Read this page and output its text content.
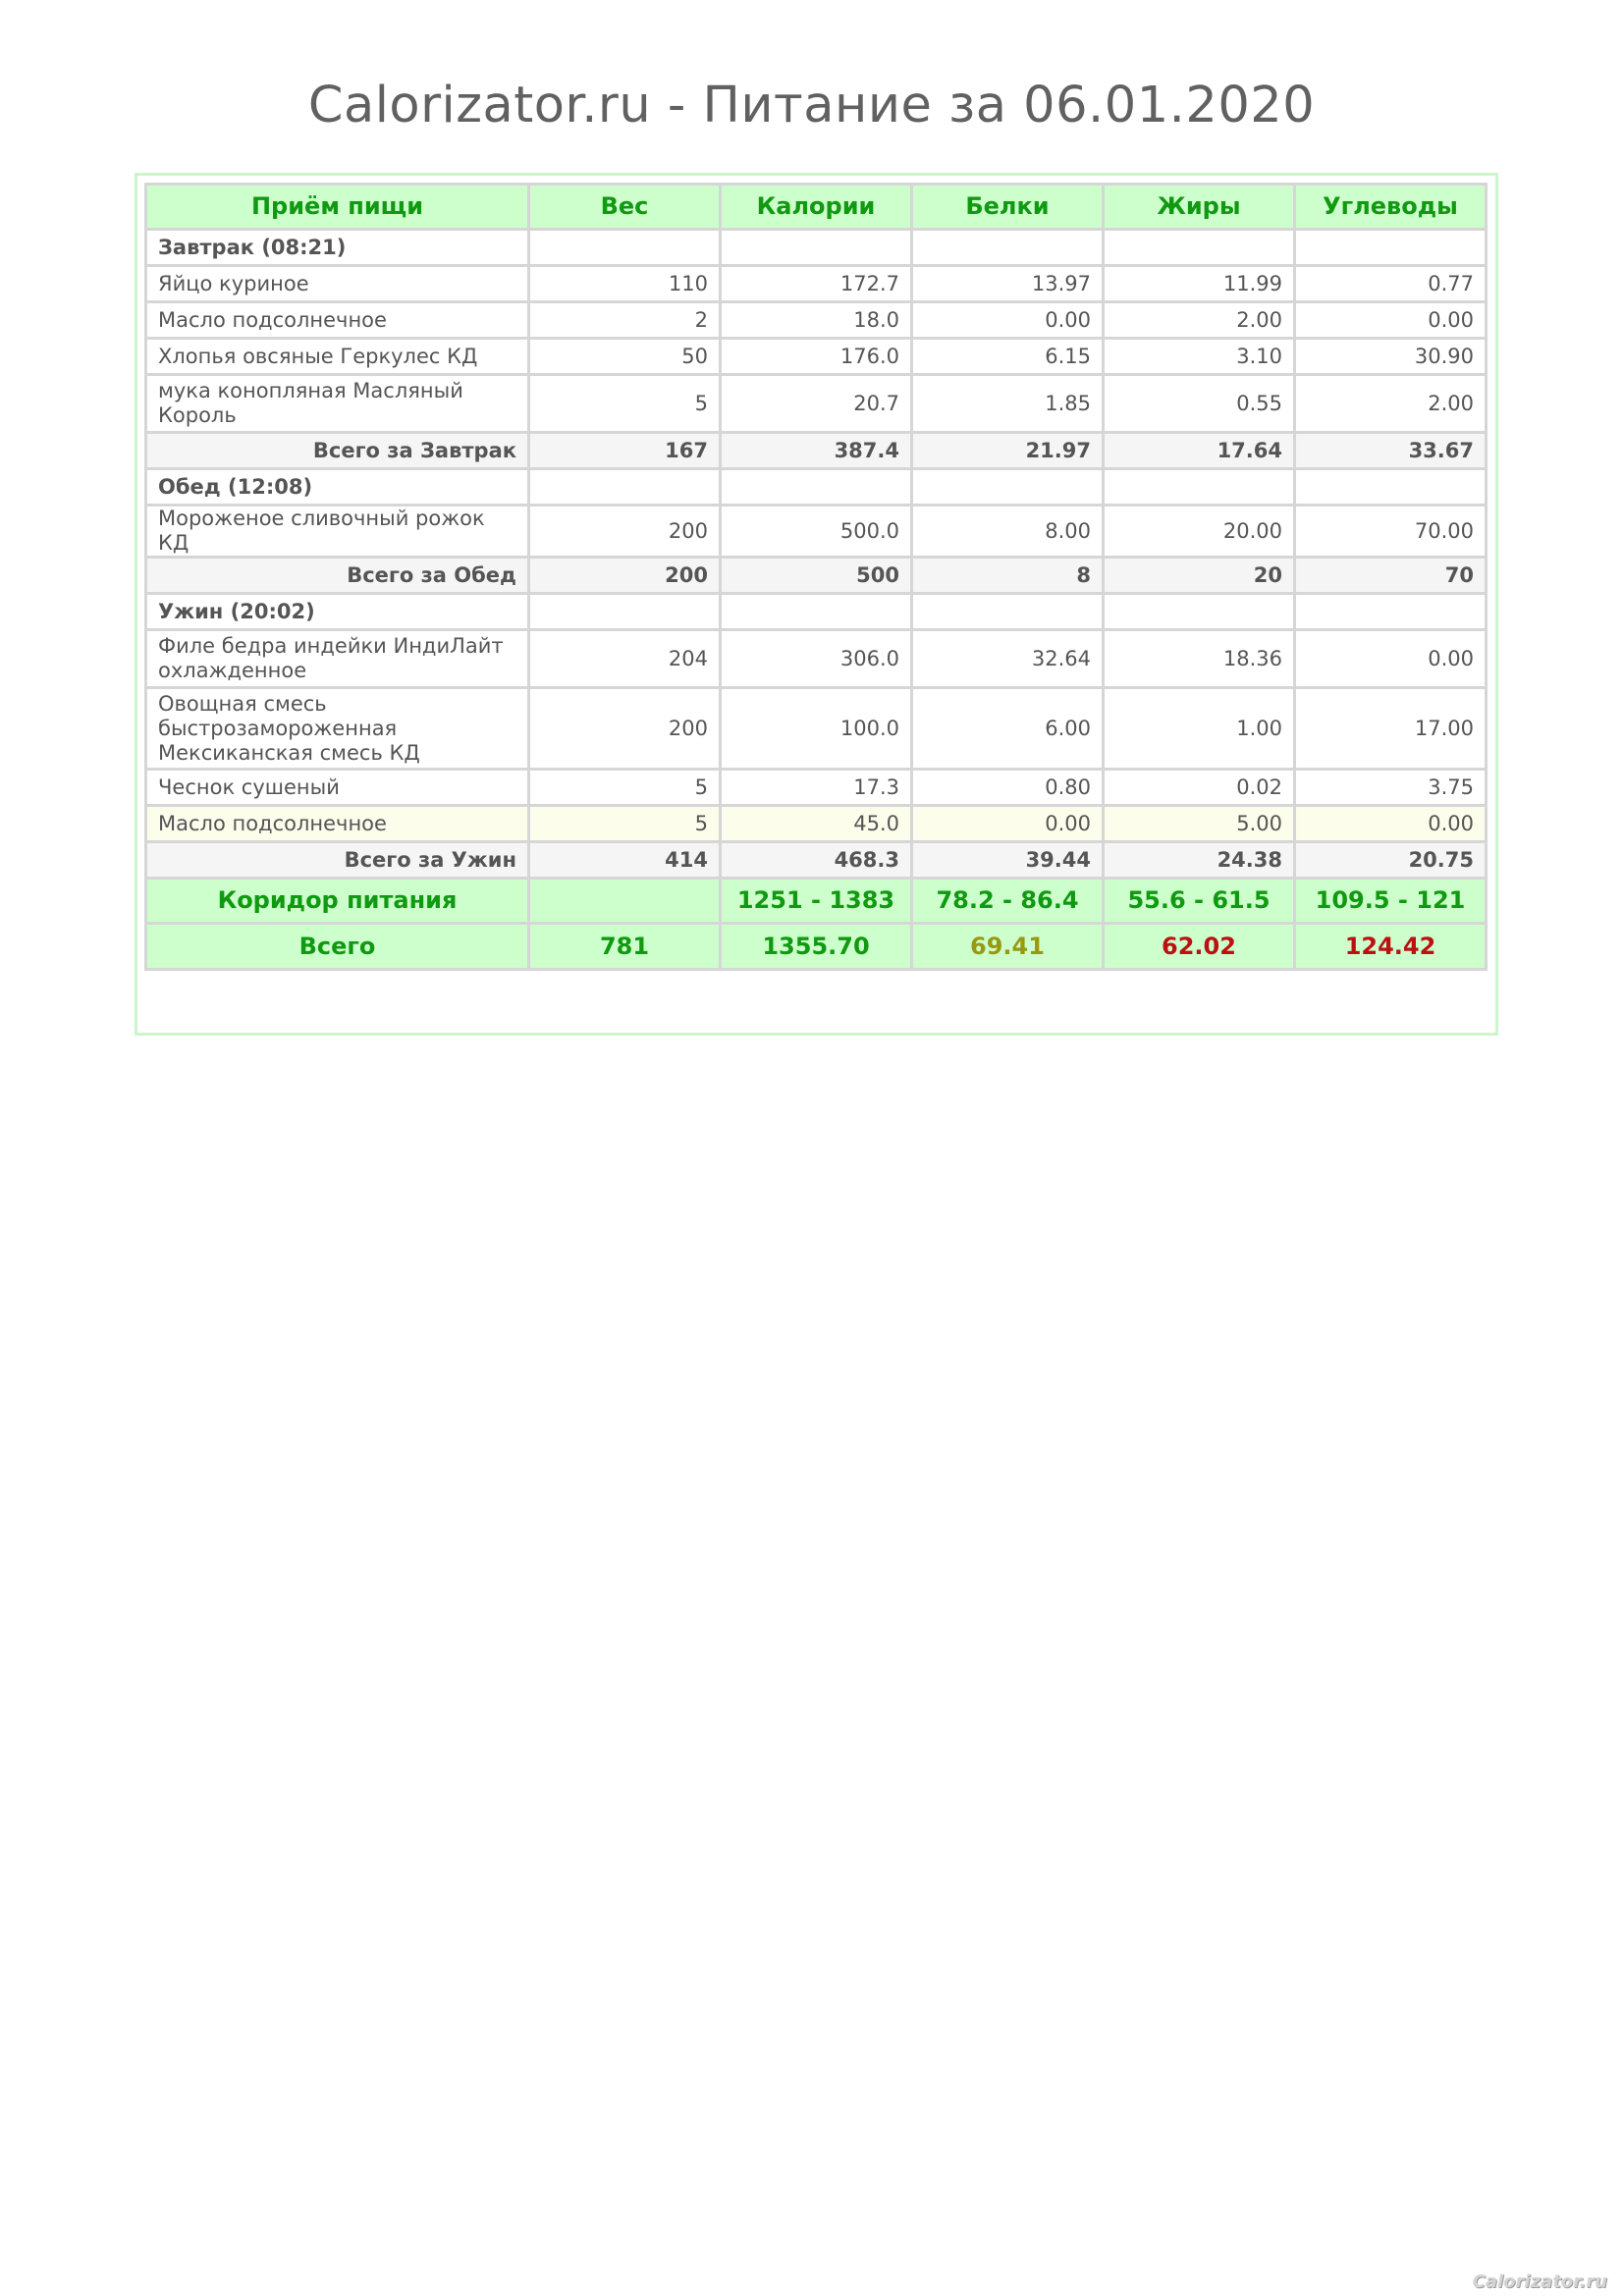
Calorizator.ru - Питание за 06.01.2020
Приём пищи	Вес	Калории	Белки	Жиры	Углеводы
Завтрак (08:21)					
Яйцо куриное	110	172.7	13.97	11.99	0.77
Масло подсолнечное	2	18.0	0.00	2.00	0.00
Хлопья овсяные Геркулес КД	50	176.0	6.15	3.10	30.90
мука конопляная Масляный Король	5	20.7	1.85	0.55	2.00
Всего за Завтрак	167	387.4	21.97	17.64	33.67
Обед (12:08)					
Мороженое сливочный рожок КД	200	500.0	8.00	20.00	70.00
Всего за Обед	200	500	8	20	70
Ужин (20:02)					
Филе бедра индейки ИндиЛайт охлажденное	204	306.0	32.64	18.36	0.00
Овощная смесь быстрозамороженная Мексиканская смесь КД	200	100.0	6.00	1.00	17.00
Чеснок сушеный	5	17.3	0.80	0.02	3.75
Масло подсолнечное	5	45.0	0.00	5.00	0.00
Всего за Ужин	414	468.3	39.44	24.38	20.75
Коридор питания		1251 - 1383	78.2 - 86.4	55.6 - 61.5	109.5 - 121
Всего	781	1355.70	69.41	62.02	124.42
Calorizator.ru
